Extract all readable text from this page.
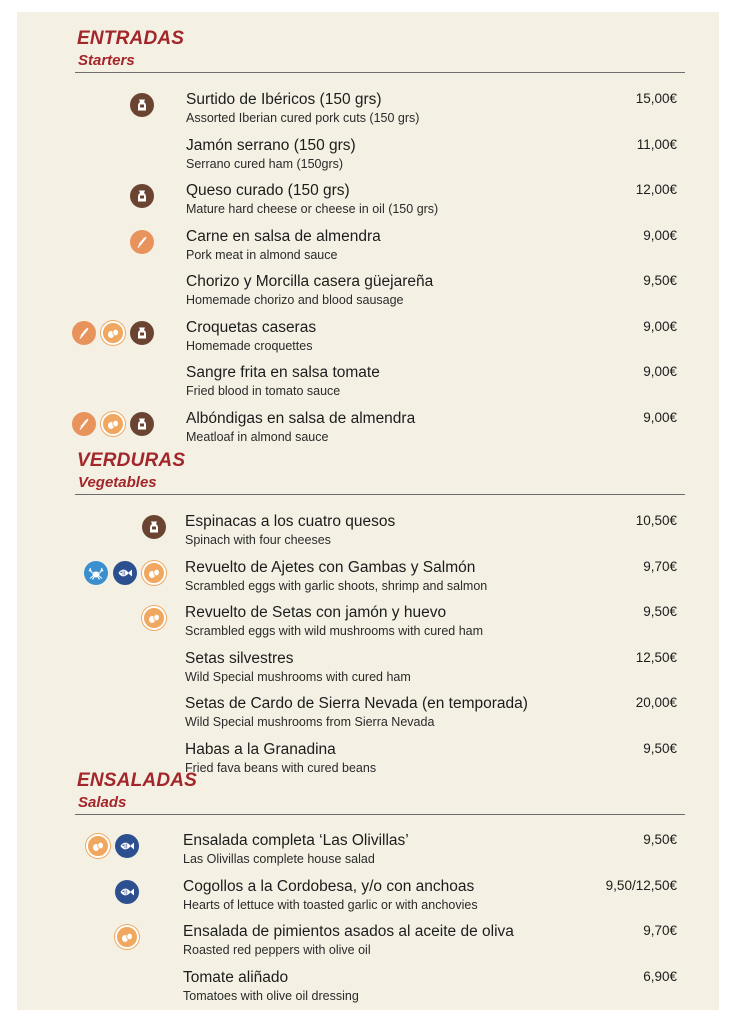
ENTRADAS
Starters
Surtido de Ibéricos (150 grs)
Assorted Iberian cured pork cuts (150 grs)
15,00€
Jamón serrano (150 grs)
Serrano cured ham (150grs)
11,00€
Queso curado (150 grs)
Mature hard cheese or cheese in oil (150 grs)
12,00€
Carne en salsa de almendra
Pork meat in almond sauce
9,00€
Chorizo y Morcilla casera güejareña
Homemade chorizo and blood sausage
9,50€
Croquetas caseras
Homemade croquettes
9,00€
Sangre frita en salsa tomate
Fried blood in tomato sauce
9,00€
Albóndigas en salsa de almendra
Meatloaf in almond sauce
9,00€
VERDURAS
Vegetables
Espinacas a los cuatro quesos
Spinach with four cheeses
10,50€
Revuelto de Ajetes con Gambas y Salmón
Scrambled eggs with garlic shoots, shrimp and salmon
9,70€
Revuelto de Setas con jamón y huevo
Scrambled eggs with wild mushrooms with cured ham
9,50€
Setas silvestres
Wild Special mushrooms with cured ham
12,50€
Setas de Cardo de Sierra Nevada (en temporada)
Wild Special mushrooms from Sierra Nevada
20,00€
Habas a la Granadina
Fried fava beans with cured beans
9,50€
ENSALADAS
Salads
Ensalada completa ‘Las Olivillas’
Las Olivillas complete house salad
9,50€
Cogollos a la Cordobesa, y/o con anchoas
Hearts of lettuce with toasted garlic or with anchovies
9,50/12,50€
Ensalada de pimientos asados al aceite de oliva
Roasted red peppers with olive oil
9,70€
Tomate aliñado
Tomatoes with olive oil dressing
6,90€
